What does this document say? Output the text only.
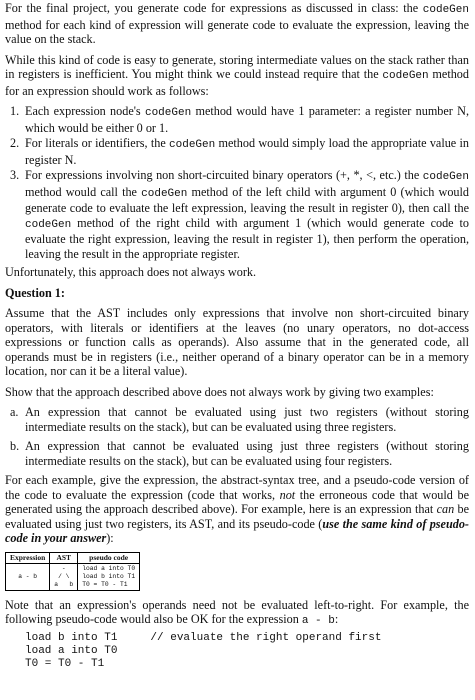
For the final project, you generate code for expressions as discussed in class: the codeGen method for each kind of expression will generate code to evaluate the expression, leaving the value on the stack.

While this kind of code is easy to generate, storing intermediate values on the stack rather than in registers is inefficient. You might think we could instead require that the codeGen method for an expression should work as follows:

1. Each expression node's codeGen method would have 1 parameter: a register number N, which would be either 0 or 1.
2. For literals or identifiers, the codeGen method would simply load the appropriate value in register N.
3. For expressions involving non short-circuited binary operators (+, *, <, etc.) the codeGen method would call the codeGen method of the left child with argument 0 (which would generate code to evaluate the left expression, leaving the result in register 0), then call the codeGen method of the right child with argument 1 (which would generate code to evaluate the right expression, leaving the result in register 1), then perform the operation, leaving the result in the appropriate register.

Unfortunately, this approach does not always work.

Question 1:

Assume that the AST includes only expressions that involve non short-circuited binary operators, with literals or identifiers at the leaves (no unary operators, no dot-access expressions or function calls as operands). Also assume that in the generated code, all operands must be in registers (i.e., neither operand of a binary operator can be in a memory location, nor can it be a literal value).

Show that the approach described above does not always work by giving two examples:

a. An expression that cannot be evaluated using just two registers (without storing intermediate results on the stack), but can be evaluated using three registers.
b. An expression that cannot be evaluated using just three registers (without storing intermediate results on the stack), but can be evaluated using four registers.

For each example, give the expression, the abstract-syntax tree, and a pseudo-code version of the code to evaluate the expression (code that works, not the erroneous code that would be generated using the approach described above). For example, here is an expression that can be evaluated using just two registers, its AST, and its pseudo-code (use the same kind of pseudo-code in your answer):

Expression	AST	pseudo code
a - b	-
/ \
a   b	load a into T0
load b into T1
T0 = T0 - T1

Note that an expression's operands need not be evaluated left-to-right. For example, the following pseudo-code would also be OK for the expression a - b:

load b into T1     // evaluate the right operand first
load a into T0
T0 = T0 - T1
